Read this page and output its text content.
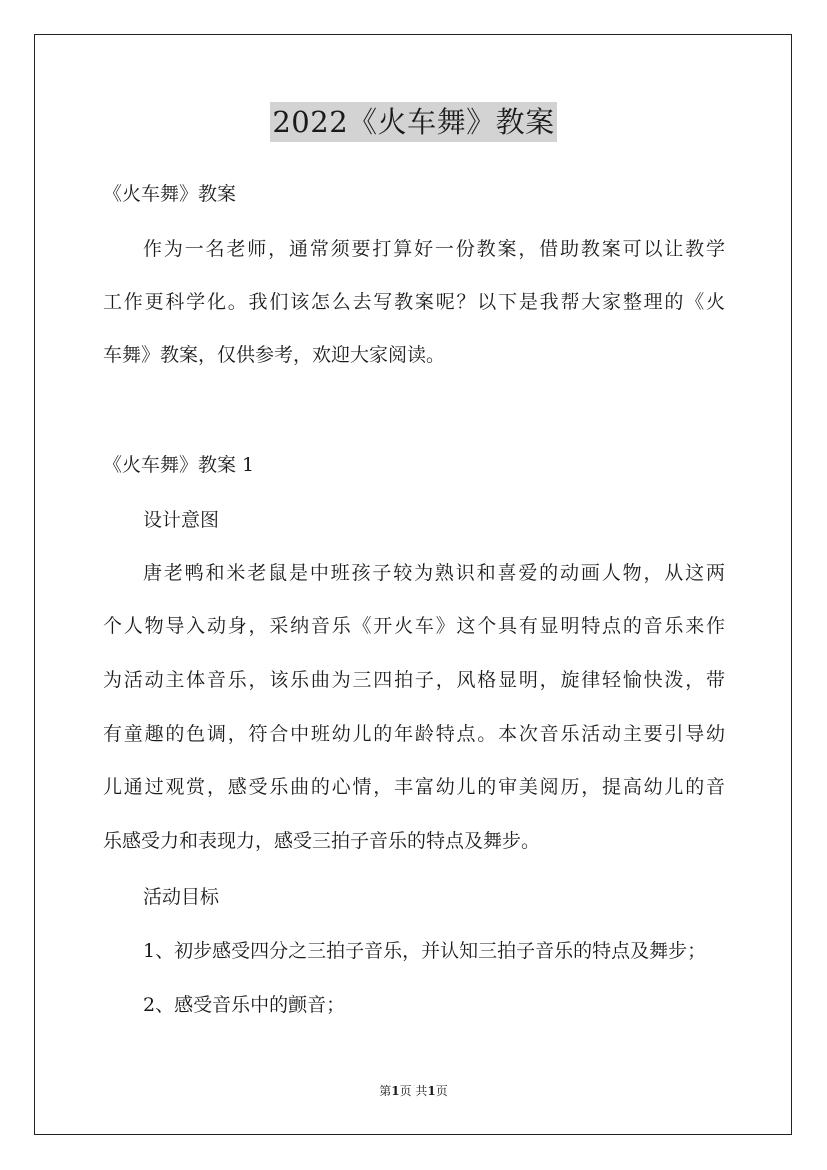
2022《火车舞》教案
《火车舞》教案
作为一名老师，通常须要打算好一份教案，借助教案可以让教学
工作更科学化。我们该怎么去写教案呢？以下是我帮大家整理的《火
车舞》教案，仅供参考，欢迎大家阅读。
《火车舞》教案 1
设计意图
唐老鸭和米老鼠是中班孩子较为熟识和喜爱的动画人物，从这两
个人物导入动身，采纳音乐《开火车》这个具有显明特点的音乐来作
为活动主体音乐，该乐曲为三四拍子，风格显明，旋律轻愉快泼，带
有童趣的色调，符合中班幼儿的年龄特点。本次音乐活动主要引导幼
儿通过观赏，感受乐曲的心情，丰富幼儿的审美阅历，提高幼儿的音
乐感受力和表现力，感受三拍子音乐的特点及舞步。
活动目标
1、初步感受四分之三拍子音乐，并认知三拍子音乐的特点及舞步；
2、感受音乐中的颤音；
第1页 共1页
